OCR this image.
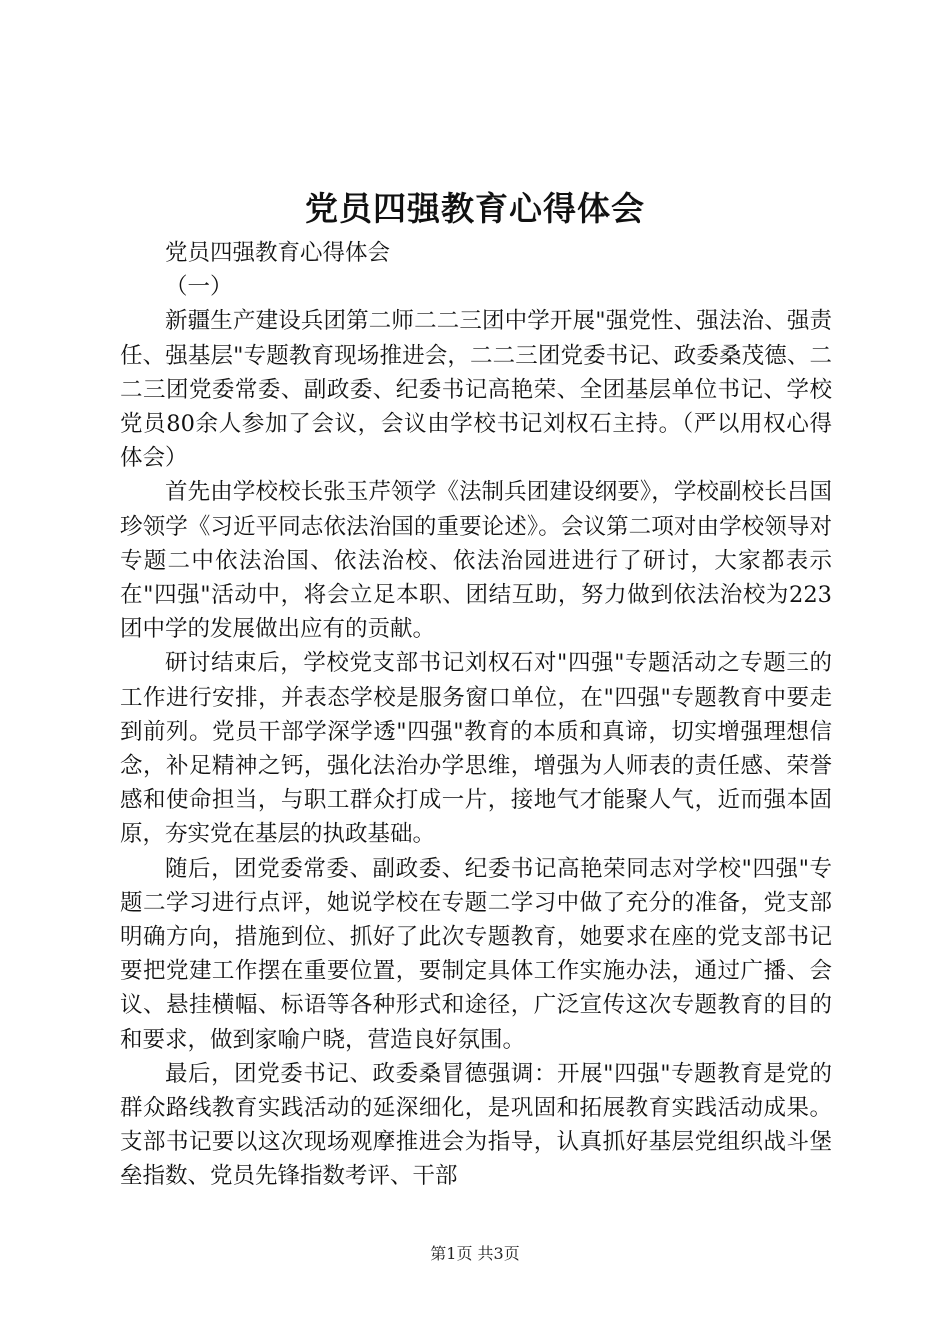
党员四强教育心得体会

党员四强教育心得体会

（一）

新疆生产建设兵团第二师二二三团中学开展"强党性、强法治、强责任、强基层"专题教育现场推进会，二二三团党委书记、政委桑茂德、二二三团党委常委、副政委、纪委书记高艳荣、全团基层单位书记、学校党员80余人参加了会议，会议由学校书记刘权石主持。（严以用权心得体会）

首先由学校校长张玉芹领学《法制兵团建设纲要》，学校副校长吕国珍领学《习近平同志依法治国的重要论述》。会议第二项对由学校领导对专题二中依法治国、依法治校、依法治园进进行了研讨，大家都表示在"四强"活动中，将会立足本职、团结互助，努力做到依法治校为223团中学的发展做出应有的贡献。

研讨结束后，学校党支部书记刘权石对"四强"专题活动之专题三的工作进行安排，并表态学校是服务窗口单位，在"四强"专题教育中要走到前列。党员干部学深学透"四强"教育的本质和真谛，切实增强理想信念，补足精神之钙，强化法治办学思维，增强为人师表的责任感、荣誉感和使命担当，与职工群众打成一片，接地气才能聚人气，近而强本固原，夯实党在基层的执政基础。

随后，团党委常委、副政委、纪委书记高艳荣同志对学校"四强"专题二学习进行点评，她说学校在专题二学习中做了充分的准备，党支部明确方向，措施到位、抓好了此次专题教育，她要求在座的党支部书记要把党建工作摆在重要位置，要制定具体工作实施办法，通过广播、会议、悬挂横幅、标语等各种形式和途径，广泛宣传这次专题教育的目的和要求，做到家喻户晓，营造良好氛围。

最后，团党委书记、政委桑冒德强调：开展"四强"专题教育是党的群众路线教育实践活动的延深细化，是巩固和拓展教育实践活动成果。支部书记要以这次现场观摩推进会为指导，认真抓好基层党组织战斗堡垒指数、党员先锋指数考评、干部

第1页 共3页
